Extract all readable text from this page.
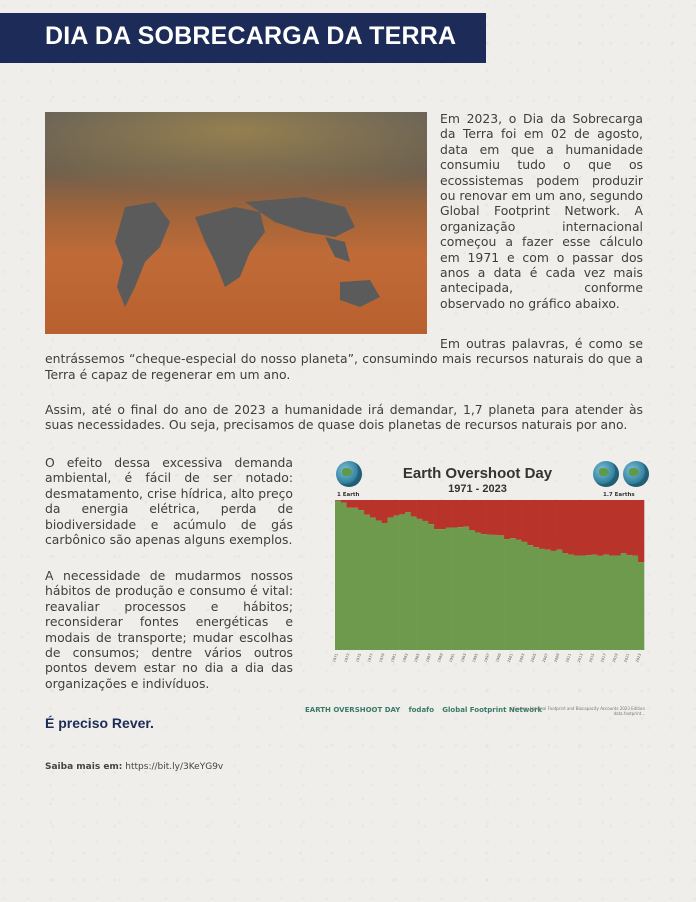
DIA DA SOBRECARGA DA TERRA

Em 2023, o Dia da Sobrecarga da Terra foi em 02 de agosto, data em que a humanidade consumiu tudo o que os ecossistemas podem produzir ou renovar em um ano, segundo Global Footprint Network. A organização internacional começou a fazer esse cálculo em 1971 e com o passar dos anos a data é cada vez mais antecipada, conforme observado no gráfico abaixo.

Em outras palavras, é como se entrássemos “cheque-especial do nosso planeta”, consumindo mais recursos naturais do que a Terra é capaz de regenerar em um ano.

Assim, até o final do ano de 2023 a humanidade irá demandar, 1,7 planeta para atender às suas necessidades. Ou seja, precisamos de quase dois planetas de recursos naturais por ano.

O efeito dessa excessiva demanda ambiental, é fácil de ser notado: desmatamento, crise hídrica, alto preço da energia elétrica, perda de biodiversidade e acúmulo de gás carbônico são apenas alguns exemplos.

A necessidade de mudarmos nossos hábitos de produção e consumo é vital: reavaliar processos e hábitos; reconsiderar fontes energéticas e modais de transporte; mudar escolhas de consumos; dentre vários outros pontos devem estar no dia a dia das organizações e indivíduos.

É preciso Rever.

Saiba mais em: https://bit.ly/3KeYG9v
1 Earth	1.7 Earths
Earth Overshoot Day
1971 - 2023
1971 1973 1975 1977 1979 1981 1983 1985 1987 1989 1991 1993 1995 1997 1999 2001 2003 2005 2007 2009 2011 2013 2015 2017 2019 2021 2023
EARTH OVERSHOOT DAY fodafo Global Footprint Network
Source: National Footprint and Biocapacity Accounts 2023 Edition data.footprint...
